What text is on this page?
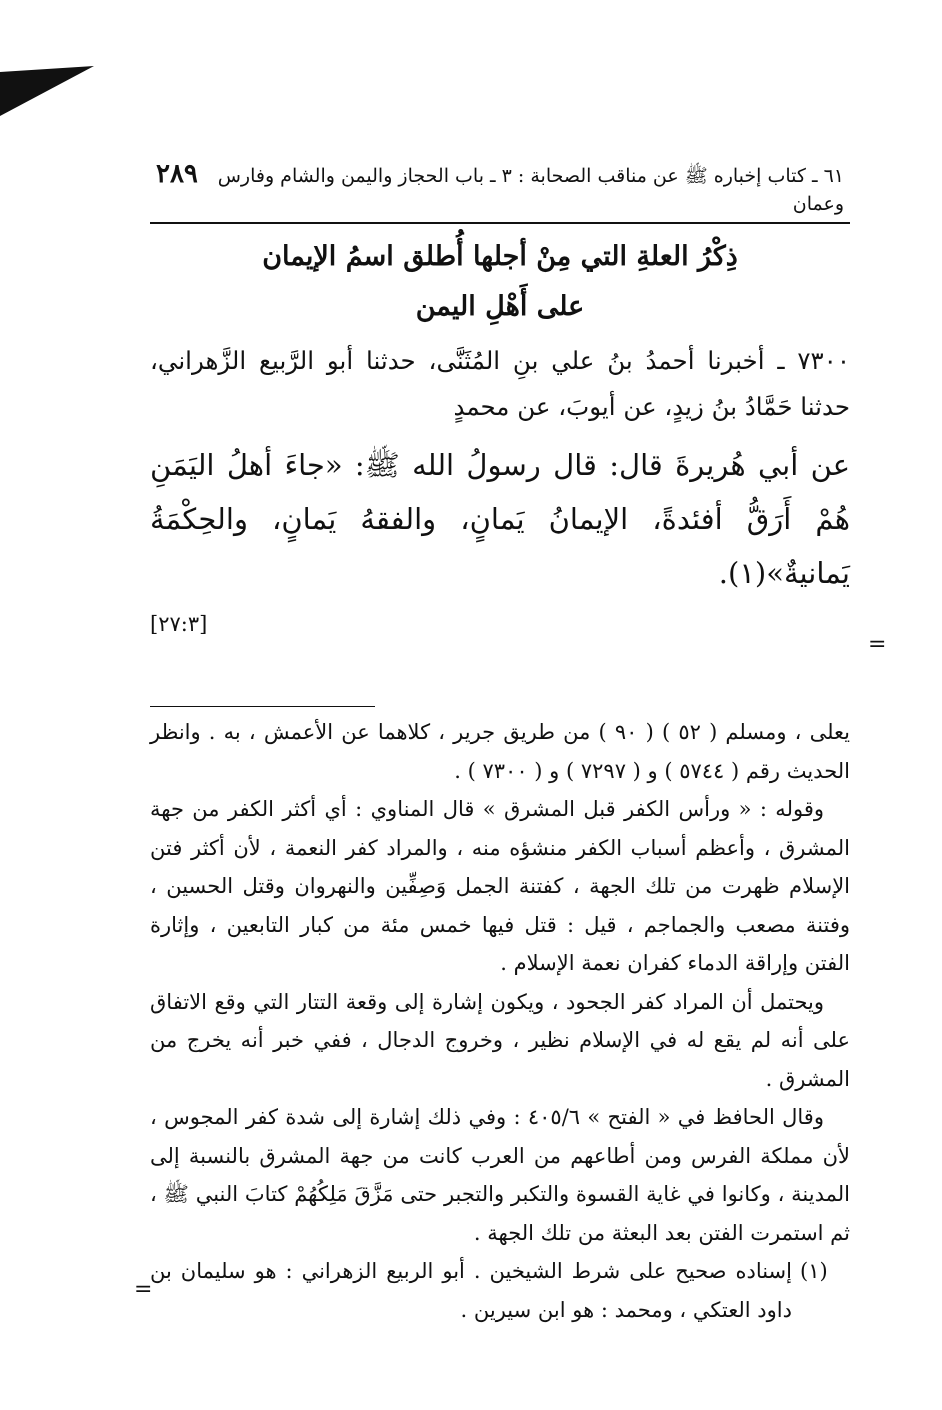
٦١ ـ كتاب إخباره ﷺ عن مناقب الصحابة : ٣ ـ باب الحجاز واليمن والشام وفارس وعمان
٢٨٩
ذِكْرُ العلةِ التي مِنْ أجلها أُطلق اسمُ الإيمان
على أَهْلِ اليمن
٧٣٠٠ ـ أخبرنا أحمدُ بنُ علي بنِ المُثَنَّى، حدثنا أبو الرَّبيع الزَّهراني، حدثنا حَمَّادُ بنُ زيدٍ، عن أيوبَ، عن محمدٍ
عن أبي هُريرةَ قال: قال رسولُ الله ﷺ: «جاءَ أهلُ اليَمَنِ هُمْ أَرَقُّ أفئدةً، الإيمانُ يَمانٍ، والفقهُ يَمانٍ، والحِكْمَةُ يَمانيةٌ»(١).
[٢٧:٣]
يعلى ، ومسلم ( ٥٢ ) ( ٩٠ ) من طريق جرير ، كلاهما عن الأعمش ، به . وانظر الحديث رقم ( ٥٧٤٤ ) و ( ٧٢٩٧ ) و ( ٧٣٠٠ ) .
وقوله : « ورأس الكفر قبل المشرق » قال المناوي : أي أكثر الكفر من جهة المشرق ، وأعظم أسباب الكفر منشؤه منه ، والمراد كفر النعمة ، لأن أكثر فتن الإسلام ظهرت من تلك الجهة ، كفتنة الجمل وَصِفِّين والنهروان وقتل الحسين ، وفتنة مصعب والجماجم ، قيل : قتل فيها خمس مئة من كبار التابعين ، وإثارة الفتن وإراقة الدماء كفران نعمة الإسلام .
ويحتمل أن المراد كفر الجحود ، ويكون إشارة إلى وقعة التتار التي وقع الاتفاق على أنه لم يقع له في الإسلام نظير ، وخروج الدجال ، ففي خبر أنه يخرج من المشرق .
وقال الحافظ في « الفتح » ٤٠٥/٦ : وفي ذلك إشارة إلى شدة كفر المجوس ، لأن مملكة الفرس ومن أطاعهم من العرب كانت من جهة المشرق بالنسبة إلى المدينة ، وكانوا في غاية القسوة والتكبر والتجبر حتى مَزَّقَ مَلِكُهُمْ كتابَ النبي ﷺ ، ثم استمرت الفتن بعد البعثة من تلك الجهة .
(١)
إسناده صحيح على شرط الشيخين . أبو الربيع الزهراني : هو سليمان بن داود العتكي ، ومحمد : هو ابن سيرين .
=
=
